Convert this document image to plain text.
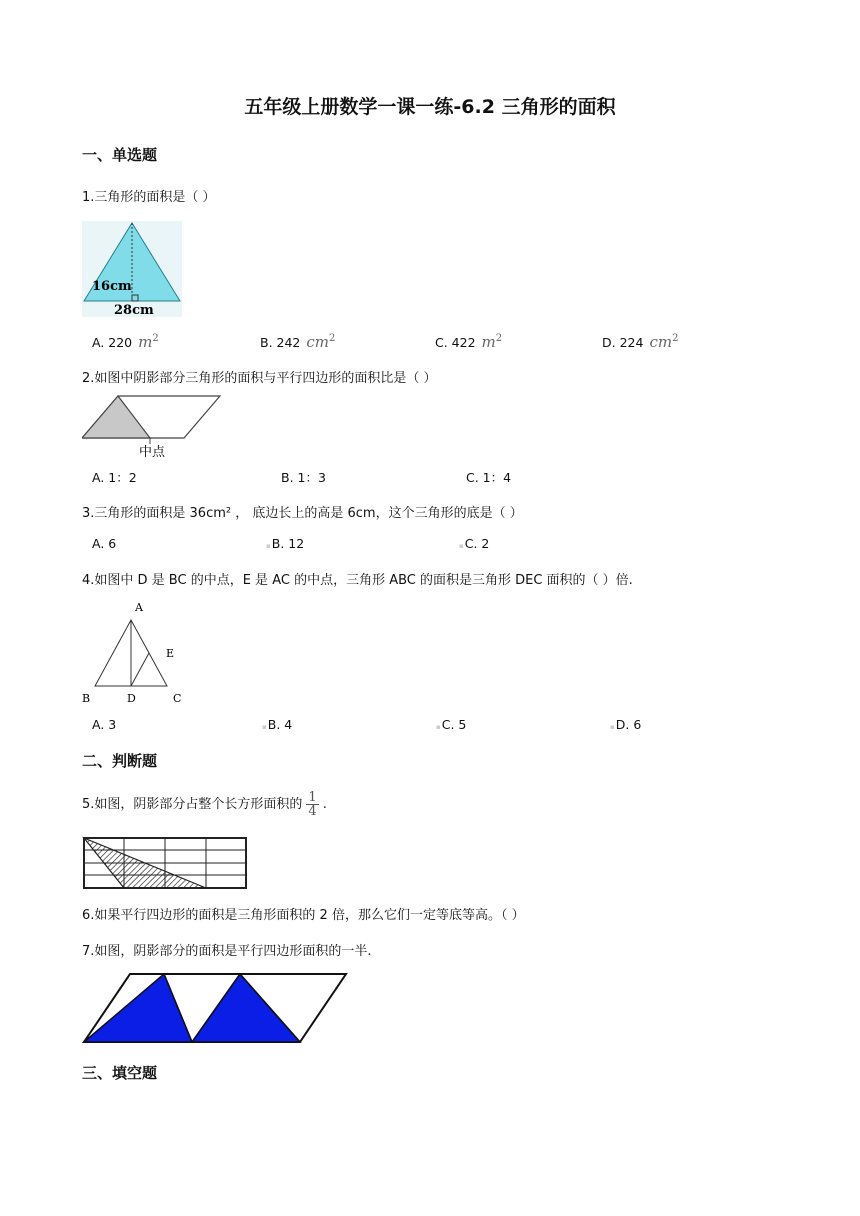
五年级上册数学一课一练-6.2 三角形的面积
一、单选题
1.三角形的面积是（ ）
16cm
28cm
A. 220 $m^2$	B. 242 $cm^2$	C. 422 $m^2$	D. 224 $cm^2$
2.如图中阴影部分三角形的面积与平行四边形的面积比是（ ）
中点
A. 1：2	B. 1：3	C. 1：4
3.三角形的面积是 36cm² ， 底边长上的高是 6cm，这个三角形的底是（ ）
A. 6	▪B. 12	▪C. 2
4.如图中 D 是 BC 的中点，E 是 AC 的中点，三角形 ABC 的面积是三角形 DEC 面积的（ ）倍.
A
B	D	C
E
A. 3	▪B. 4	▪C. 5	▪D. 6
二、判断题
5.如图，阴影部分占整个长方形面积的 $\frac{1}{4}$ .
6.如果平行四边形的面积是三角形面积的 2 倍，那么它们一定等底等高。（ ）
7.如图，阴影部分的面积是平行四边形面积的一半.
三、填空题
